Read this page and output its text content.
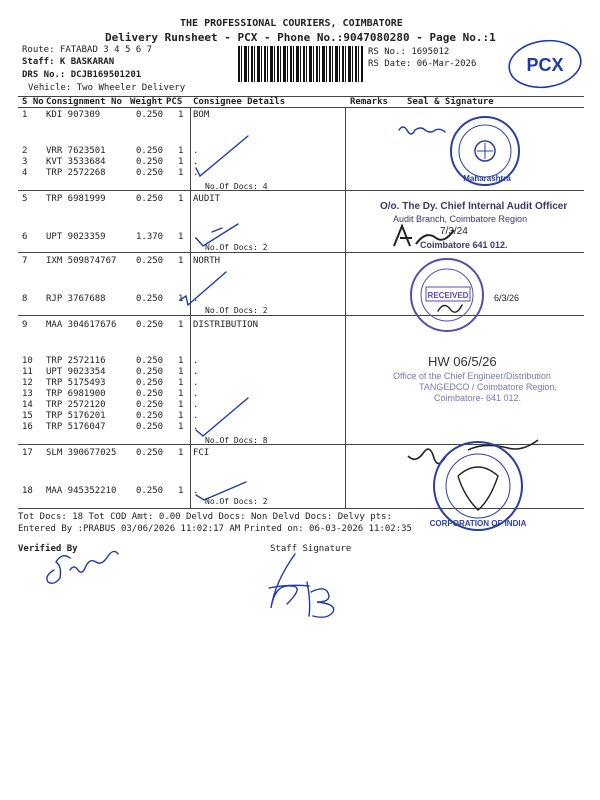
THE PROFESSIONAL COURIERS, COIMBATORE
Delivery Runsheet - PCX - Phone No.:9047080280 - Page No.:1
Route: FATABAD 3 4 5 6 7
Staff: K BASKARAN
DRS No.: DCJB169501201
Vehicle: Two Wheeler Delivery
RS No.: 1695012
RS Date: 06-Mar-2026	PCX
S No Consignment No Weight PCS Consignee Details	Remarks Seal & Signature
1 KDI 907309	0.250 1 BOM
2 VRR 7623501	0.250 1 .
3 KVT 3533684	0.250 1 .
4 TRP 2572268	0.250 1 .
5 TRP 6981999	0.250 1 AUDIT
6 UPT 9023359	1.370 1 .
7 IXM 509874767 0.250 1 NORTH
8 RJP 3767688	0.250 1 .
9 MAA 304617676 0.250 1 DISTRIBUTION
10 TRP 2572116	0.250 1 .
11 UPT 9023354	0.250 1 .
12 TRP 5175493	0.250 1 .
13 TRP 6981900	0.250 1 .
14 TRP 2572120	0.250 1 .
15 TRP 5176201	0.250 1 .
16 TRP 5176047	0.250 1 .
17 SLM 390677025 0.250 1 FCI
18 MAA 945352210 0.250 1 .
No.Of Docs: 4
No.Of Docs: 2
No.Of Docs: 2
No.Of Docs: 8
No.Of Docs: 2
Maharashtra
O/o. The Dy. Chief Internal Audit Officer
Audit Branch, Coimbatore Region
Coimbatore 641 012.
7/3/24
RECEIVED	6/3/26
HW 06/5/26
Office of the Chief Engineer/Distribution
TANGEDCO / Coimbatore Region,
Coimbatore- 641 012.
CORPORATION OF INDIA
Tot Docs: 18 Tot COD Amt: 0.00 Delvd Docs: Non Delvd Docs: Delvy pts:
Entered By :PRABUS 03/06/2026 11:02:17 AM Printed on: 06-03-2026 11:02:35
Verified By	Staff Signature
